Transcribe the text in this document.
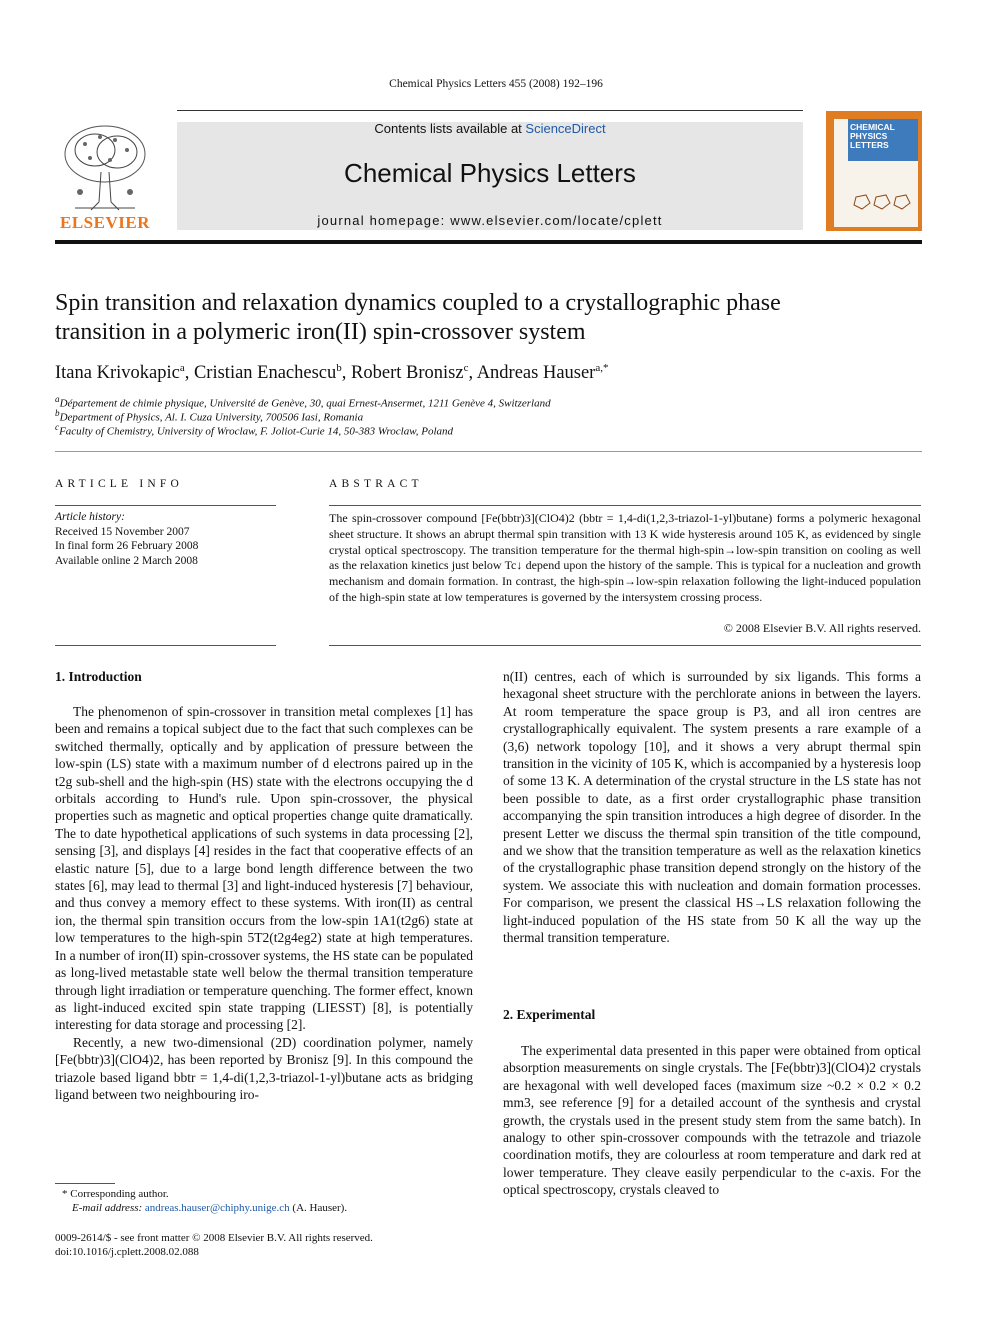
Chemical Physics Letters 455 (2008) 192–196
ELSEVIER
Contents lists available at ScienceDirect
Chemical Physics Letters
journal homepage: www.elsevier.com/locate/cplett
CHEMICAL PHYSICS LETTERS
Spin transition and relaxation dynamics coupled to a crystallographic phase
transition in a polymeric iron(II) spin-crossover system
Itana Krivokapic$^a$, Cristian Enachescu$^b$, Robert Bronisz$^c$, Andreas Hauser$^{a,*}$
$^a$Département de chimie physique, Université de Genève, 30, quai Ernest-Ansermet, 1211 Genève 4, Switzerland
$^b$Department of Physics, Al. I. Cuza University, 700506 Iasi, Romania
$^c$Faculty of Chemistry, University of Wroclaw, F. Joliot-Curie 14, 50-383 Wroclaw, Poland
ARTICLE INFO
Article history:
Received 15 November 2007
In final form 26 February 2008
Available online 2 March 2008
ABSTRACT
The spin-crossover compound [Fe(bbtr)3](ClO4)2 (bbtr = 1,4-di(1,2,3-triazol-1-yl)butane) forms a polymeric hexagonal sheet structure. It shows an abrupt thermal spin transition with 13 K wide hysteresis around 105 K, as evidenced by single crystal optical spectroscopy. The transition temperature for the thermal high-spin→low-spin transition on cooling as well as the relaxation kinetics just below Tc↓ depend upon the history of the sample. This is typical for a nucleation and growth mechanism and domain formation. In contrast, the high-spin→low-spin relaxation following the light-induced population of the high-spin state at low temperatures is governed by the intersystem crossing process.
© 2008 Elsevier B.V. All rights reserved.
1. Introduction

The phenomenon of spin-crossover in transition metal complexes [1] has been and remains a topical subject due to the fact that such complexes can be switched thermally, optically and by application of pressure between the low-spin (LS) state with a maximum number of d electrons paired up in the t2g sub-shell and the high-spin (HS) state with the electrons occupying the d orbitals according to Hund's rule. Upon spin-crossover, the physical properties such as magnetic and optical properties change quite dramatically. The to date hypothetical applications of such systems in data processing [2], sensing [3], and displays [4] resides in the fact that cooperative effects of an elastic nature [5], due to a large bond length difference between the two states [6], may lead to thermal [3] and light-induced hysteresis [7] behaviour, and thus convey a memory effect to these systems. With iron(II) as central ion, the thermal spin transition occurs from the low-spin 1A1(t2g6) state at low temperatures to the high-spin 5T2(t2g4eg2) state at high temperatures. In a number of iron(II) spin-crossover systems, the HS state can be populated as long-lived metastable state well below the thermal transition temperature through light irradiation or temperature quenching. The former effect, known as light-induced excited spin state trapping (LIESST) [8], is potentially interesting for data storage and processing [2].

Recently, a new two-dimensional (2D) coordination polymer, namely [Fe(bbtr)3](ClO4)2, has been reported by Bronisz [9]. In this compound the triazole based ligand bbtr = 1,4-di(1,2,3-triazol-1-yl)butane acts as bridging ligand between two neighbouring iro-

n(II) centres, each of which is surrounded by six ligands. This forms a hexagonal sheet structure with the perchlorate anions in between the layers. At room temperature the space group is P3, and all iron centres are crystallographically equivalent. The system presents a rare example of a (3,6) network topology [10], and it shows a very abrupt thermal spin transition in the vicinity of 105 K, which is accompanied by a hysteresis loop of some 13 K. A determination of the crystal structure in the LS state has not been possible to date, as a first order crystallographic phase transition accompanying the spin transition introduces a high degree of disorder. In the present Letter we discuss the thermal spin transition of the title compound, and we show that the transition temperature as well as the relaxation kinetics of the crystallographic phase transition depend strongly on the history of the system. We associate this with nucleation and domain formation processes. For comparison, we present the classical HS→LS relaxation following the light-induced population of the HS state from 50 K all the way up the thermal transition temperature.

2. Experimental

The experimental data presented in this paper were obtained from optical absorption measurements on single crystals. The [Fe(bbtr)3](ClO4)2 crystals are hexagonal with well developed faces (maximum size ~0.2 × 0.2 × 0.2 mm3, see reference [9] for a detailed account of the synthesis and crystal growth, the crystals used in the present study stem from the same batch). In analogy to other spin-crossover compounds with the tetrazole and triazole coordination motifs, they are colourless at room temperature and dark red at lower temperature. They cleave easily perpendicular to the c-axis. For the optical spectroscopy, crystals cleaved to

* Corresponding author.
E-mail address: andreas.hauser@chiphy.unige.ch (A. Hauser).
0009-2614/$ - see front matter © 2008 Elsevier B.V. All rights reserved.
doi:10.1016/j.cplett.2008.02.088
